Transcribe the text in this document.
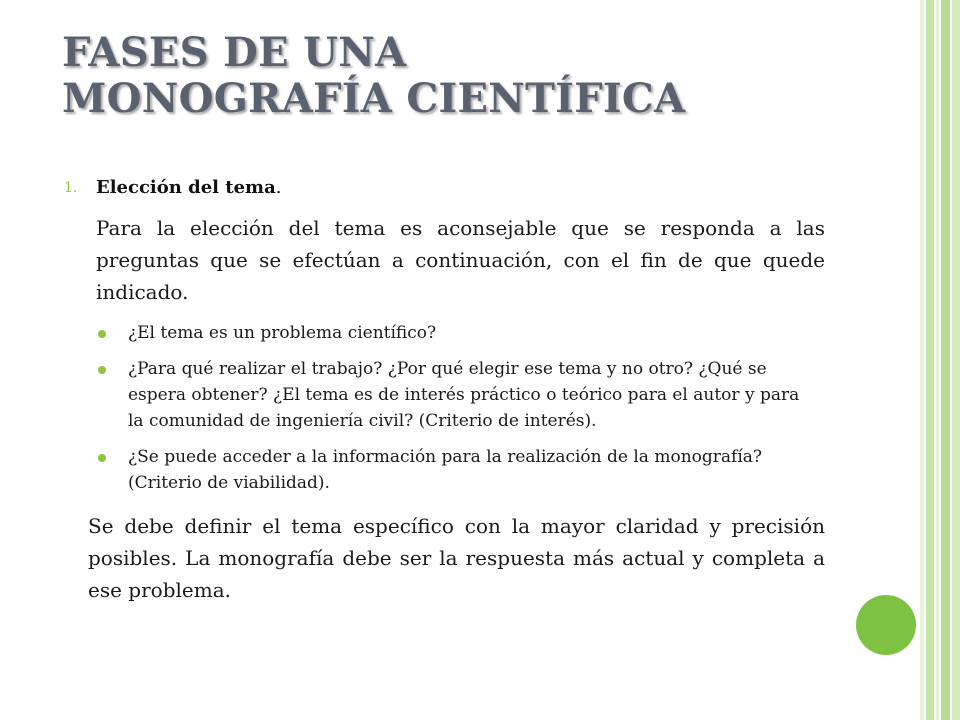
FASES DE UNA
MONOGRAFÍA CIENTÍFICA
1. Elección del tema.

Para la elección del tema es aconsejable que se responda a las preguntas que se efectúan a continuación, con el fin de que quede indicado.

¿El tema es un problema científico?
¿Para qué realizar el trabajo? ¿Por qué elegir ese tema y no otro? ¿Qué se espera obtener? ¿El tema es de interés práctico o teórico para el autor y para la comunidad de ingeniería civil? (Criterio de interés).
¿Se puede acceder a la información para la realización de la monografía? (Criterio de viabilidad).

Se debe definir el tema específico con la mayor claridad y precisión posibles. La monografía debe ser la respuesta más actual y completa a ese problema.
